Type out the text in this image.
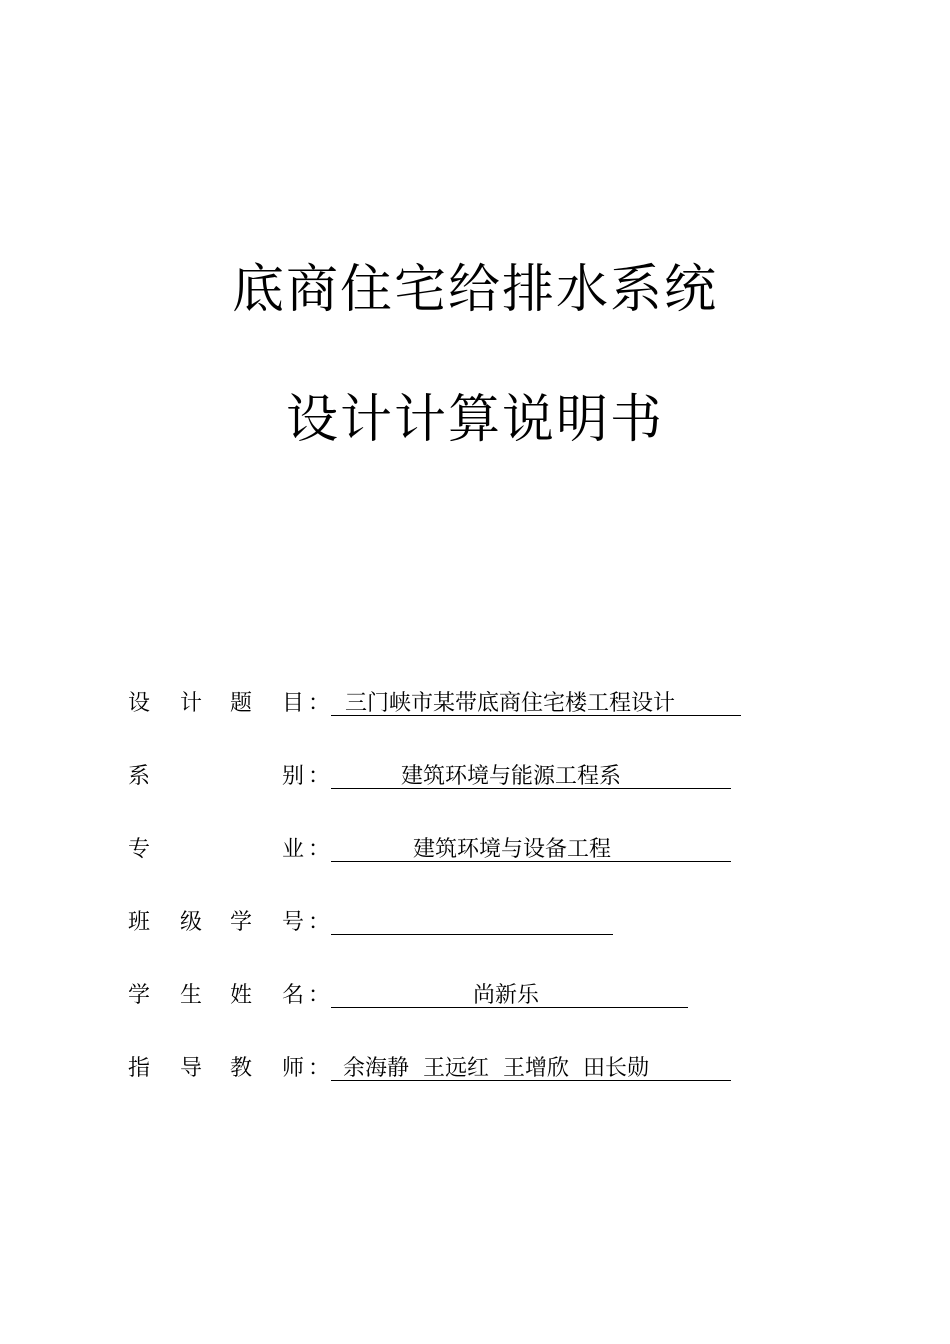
底商住宅给排水系统
设计计算说明书
设 计 题 目 ： 三门峡市某带底商住宅楼工程设计
系	别 ：	建筑环境与能源工程系
专	业 ：	建筑环境与设备工程
班 级 学 号 ：
学 生 姓 名 ：	尚新乐
指 导 教 师 ： 余海静  王远红  王增欣  田长勋
